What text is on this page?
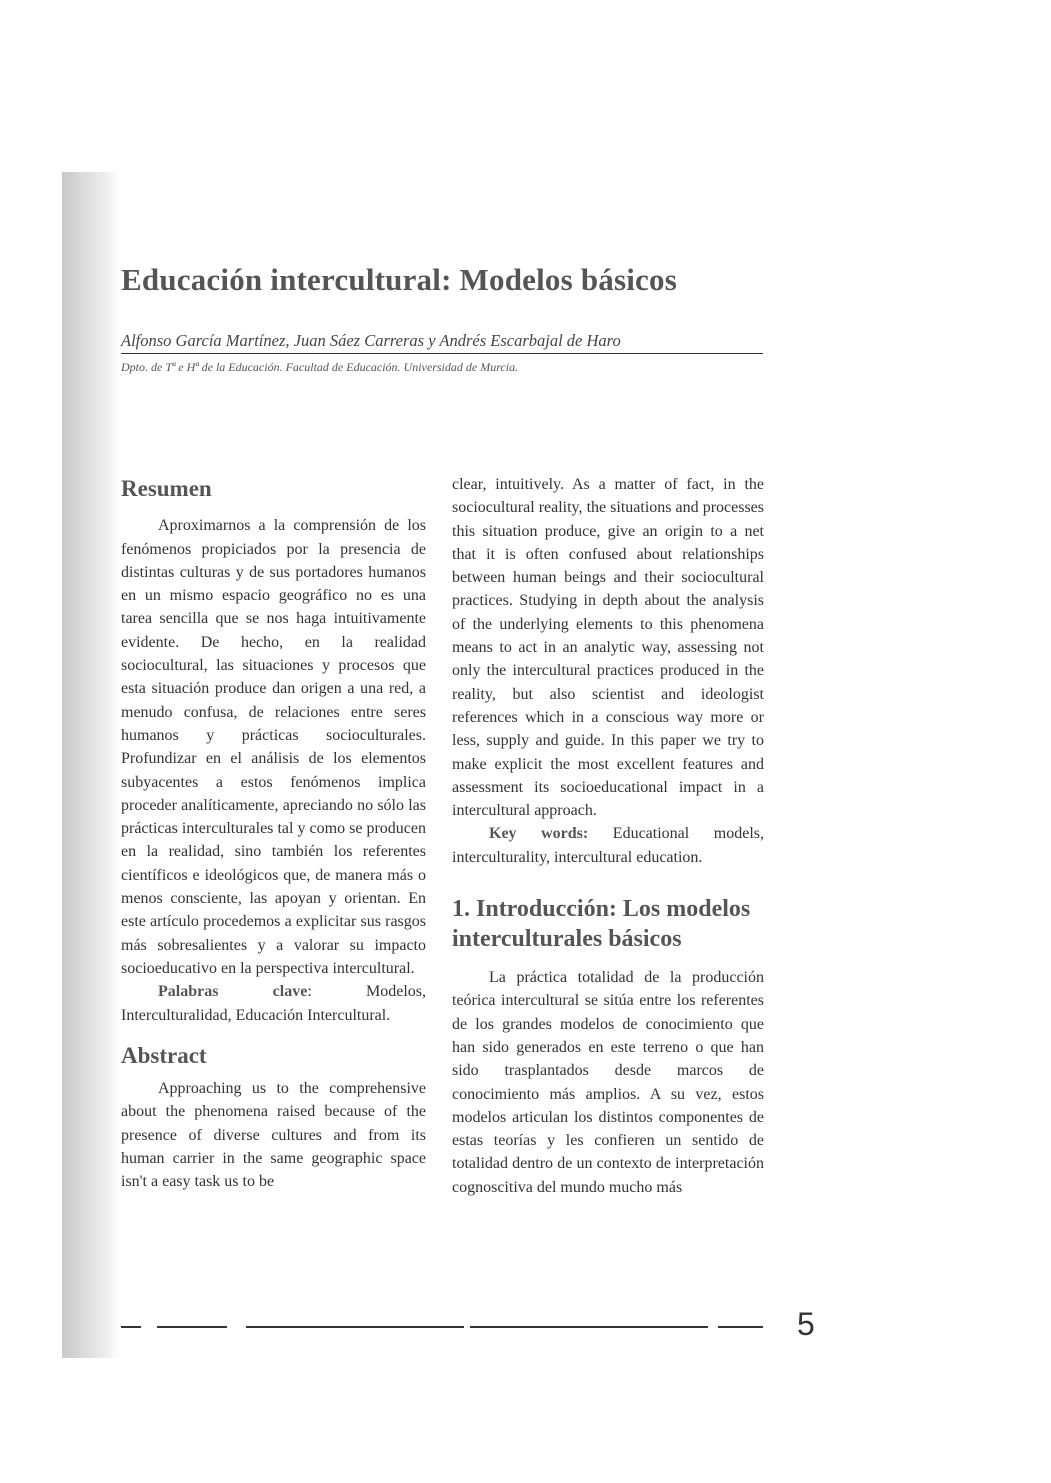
Educación intercultural: Modelos básicos
Alfonso García Martínez, Juan Sáez Carreras y Andrés Escarbajal de Haro
Dpto. de Tª e Hª de la Educación. Facultad de Educación. Universidad de Murcia.
Resumen

Aproximarnos a la comprensión de los fenómenos propiciados por la presencia de distintas culturas y de sus portadores humanos en un mismo espacio geográfico no es una tarea sencilla que se nos haga intuitivamente evidente. De hecho, en la realidad sociocultural, las situaciones y procesos que esta situación produce dan origen a una red, a menudo confusa, de relaciones entre seres humanos y prácticas socioculturales. Profundizar en el análisis de los elementos subyacentes a estos fenómenos implica proceder analíticamente, apreciando no sólo las prácticas interculturales tal y como se producen en la realidad, sino también los referentes científicos e ideológicos que, de manera más o menos consciente, las apoyan y orientan. En este artículo procedemos a explicitar sus rasgos más sobresalientes y a valorar su impacto socioeducativo en la perspectiva intercultural.

Palabras clave: Modelos, Interculturalidad, Educación Intercultural.

Abstract

Approaching us to the comprehensive about the phenomena raised because of the presence of diverse cultures and from its human carrier in the same geographic space isn't a easy task us to be

clear, intuitively. As a matter of fact, in the sociocultural reality, the situations and processes this situation produce, give an origin to a net that it is often confused about relationships between human beings and their sociocultural practices. Studying in depth about the analysis of the underlying elements to this phenomena means to act in an analytic way, assessing not only the intercultural practices produced in the reality, but also scientist and ideologist references which in a conscious way more or less, supply and guide. In this paper we try to make explicit the most excellent features and assessment its socioeducational impact in a intercultural approach.

Key words: Educational models, interculturality, intercultural education.

1. Introducción: Los modelos interculturales básicos

La práctica totalidad de la producción teórica intercultural se sitúa entre los referentes de los grandes modelos de conocimiento que han sido generados en este terreno o que han sido trasplantados desde marcos de conocimiento más amplios. A su vez, estos modelos articulan los distintos componentes de estas teorías y les confieren un sentido de totalidad dentro de un contexto de interpretación cognoscitiva del mundo mucho más

5
